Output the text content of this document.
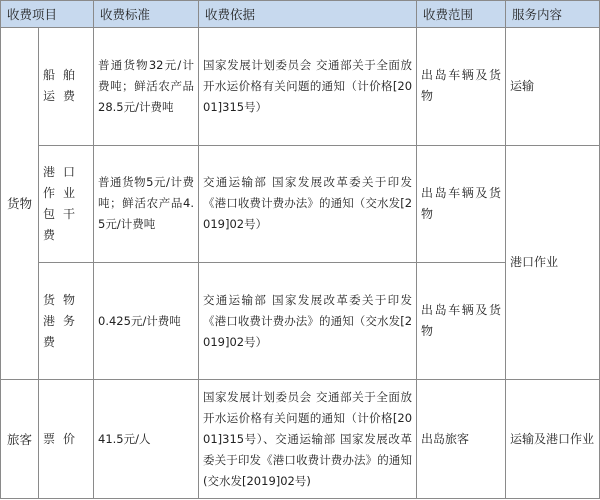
收费项目		收费标准	收费依据	收费范围	服务内容
货物	船舶运费	普通货物32元/计费吨；鲜活农产品28.5元/计费吨	国家发展计划委员会 交通部关于全面放开水运价格有关问题的通知（计价格[2001]315号）	出岛车辆及货物	运输
	港口作业包干费	普通货物5元/计费吨；鲜活农产品4.5元/计费吨	交通运输部 国家发展改革委关于印发《港口收费计费办法》的通知（交水发[2019]02号）	出岛车辆及货物	港口作业
	货物港务费	0.425元/计费吨	交通运输部 国家发展改革委关于印发《港口收费计费办法》的通知（交水发[2019]02号）	出岛车辆及货物	
旅客	票价	41.5元/人	国家发展计划委员会 交通部关于全面放开水运价格有关问题的通知（计价格[2001]315号）、交通运输部 国家发展改革委关于印发《港口收费计费办法》的通知(交水发[2019]02号)	出岛旅客	运输及港口作业
